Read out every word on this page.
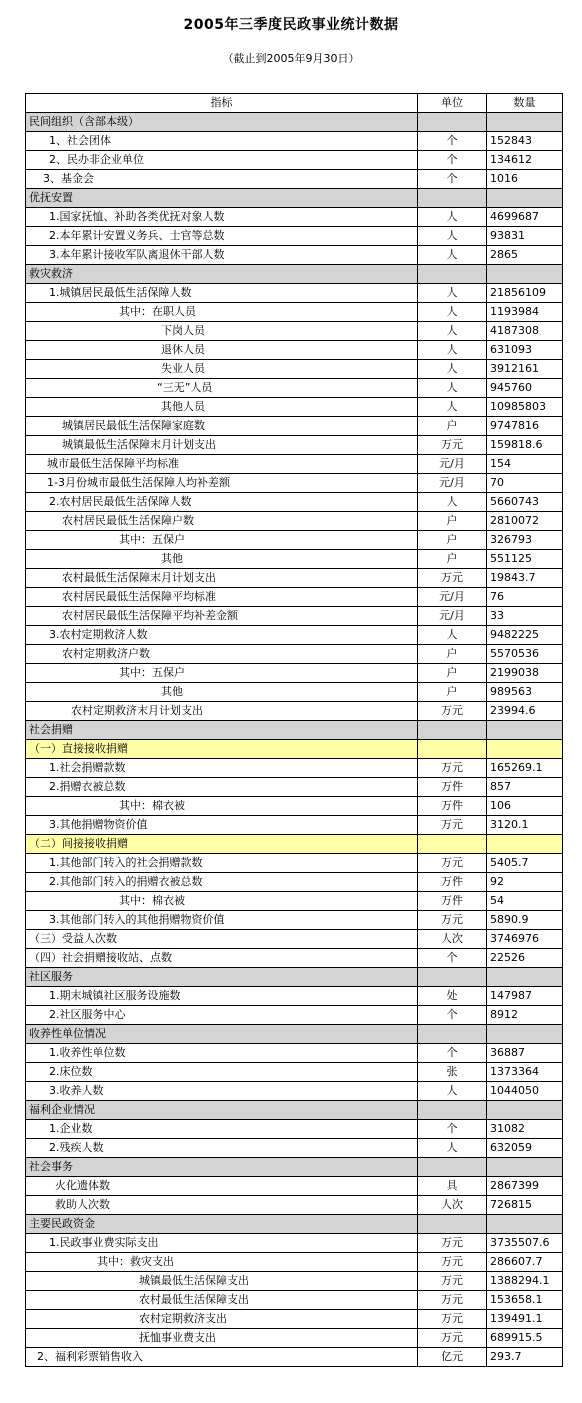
2005年三季度民政事业统计数据
（截止到2005年9月30日）
指标	单位	数量
民间组织（含部本级）		
1、社会团体	个	152843
2、民办非企业单位	个	134612
3、基金会	个	1016
优抚安置		
1.国家抚恤、补助各类优抚对象人数	人	4699687
2.本年累计安置义务兵、士官等总数	人	93831
3.本年累计接收军队离退休干部人数	人	2865
救灾救济		
1.城镇居民最低生活保障人数	人	21856109
其中：在职人员	人	1193984
下岗人员	人	4187308
退休人员	人	631093
失业人员	人	3912161
“三无”人员	人	945760
其他人员	人	10985803
城镇居民最低生活保障家庭数	户	9747816
城镇最低生活保障末月计划支出	万元	159818.6
城市最低生活保障平均标准	元/月	154
1-3月份城市最低生活保障人均补差额	元/月	70
2.农村居民最低生活保障人数	人	5660743
农村居民最低生活保障户数	户	2810072
其中：五保户	户	326793
其他	户	551125
农村最低生活保障末月计划支出	万元	19843.7
农村居民最低生活保障平均标准	元/月	76
农村居民最低生活保障平均补差金额	元/月	33
3.农村定期救济人数	人	9482225
农村定期救济户数	户	5570536
其中：五保户	户	2199038
其他	户	989563
农村定期救济末月计划支出	万元	23994.6
社会捐赠		
（一）直接接收捐赠		
1.社会捐赠款数	万元	165269.1
2.捐赠衣被总数	万件	857
其中：棉衣被	万件	106
3.其他捐赠物资价值	万元	3120.1
（二）间接接收捐赠		
1.其他部门转入的社会捐赠款数	万元	5405.7
2.其他部门转入的捐赠衣被总数	万件	92
其中：棉衣被	万件	54
3.其他部门转入的其他捐赠物资价值	万元	5890.9
（三）受益人次数	人次	3746976
（四）社会捐赠接收站、点数	个	22526
社区服务		
1.期末城镇社区服务设施数	处	147987
2.社区服务中心	个	8912
收养性单位情况		
1.收养性单位数	个	36887
2.床位数	张	1373364
3.收养人数	人	1044050
福利企业情况		
1.企业数	个	31082
2.残疾人数	人	632059
社会事务		
火化遗体数	具	2867399
救助人次数	人次	726815
主要民政资金		
1.民政事业费实际支出	万元	3735507.6
其中：救灾支出	万元	286607.7
城镇最低生活保障支出	万元	1388294.1
农村最低生活保障支出	万元	153658.1
农村定期救济支出	万元	139491.1
抚恤事业费支出	万元	689915.5
2、福利彩票销售收入	亿元	293.7
